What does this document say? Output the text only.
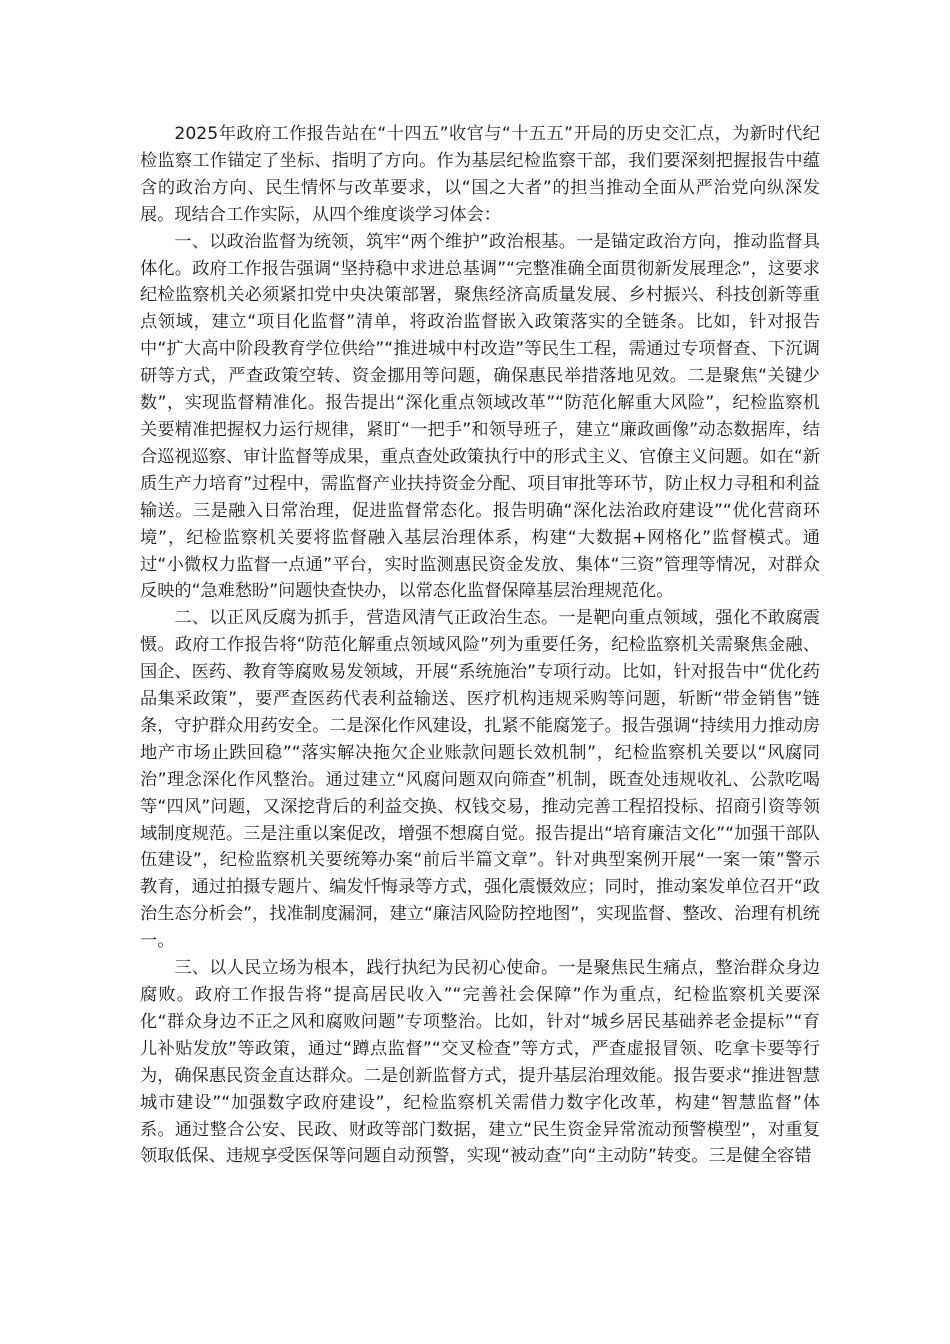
2025年政府工作报告站在“十四五”收官与“十五五”开局的历史交汇点，为新时代纪检监察工作锚定了坐标、指明了方向。作为基层纪检监察干部，我们要深刻把握报告中蕴含的政治方向、民生情怀与改革要求，以“国之大者”的担当推动全面从严治党向纵深发展。现结合工作实际，从四个维度谈学习体会：

一、以政治监督为统领，筑牢“两个维护”政治根基。一是锚定政治方向，推动监督具体化。政府工作报告强调“坚持稳中求进总基调”“完整准确全面贯彻新发展理念”，这要求纪检监察机关必须紧扣党中央决策部署，聚焦经济高质量发展、乡村振兴、科技创新等重点领域，建立“项目化监督”清单，将政治监督嵌入政策落实的全链条。比如，针对报告中“扩大高中阶段教育学位供给”“推进城中村改造”等民生工程，需通过专项督查、下沉调研等方式，严查政策空转、资金挪用等问题，确保惠民举措落地见效。二是聚焦“关键少数”，实现监督精准化。报告提出“深化重点领域改革”“防范化解重大风险”，纪检监察机关要精准把握权力运行规律，紧盯“一把手”和领导班子，建立“廉政画像”动态数据库，结合巡视巡察、审计监督等成果，重点查处政策执行中的形式主义、官僚主义问题。如在“新质生产力培育”过程中，需监督产业扶持资金分配、项目审批等环节，防止权力寻租和利益输送。三是融入日常治理，促进监督常态化。报告明确“深化法治政府建设”“优化营商环境”，纪检监察机关要将监督融入基层治理体系，构建“大数据+网格化”监督模式。通过“小微权力监督一点通”平台，实时监测惠民资金发放、集体“三资”管理等情况，对群众反映的“急难愁盼”问题快查快办，以常态化监督保障基层治理规范化。

二、以正风反腐为抓手，营造风清气正政治生态。一是靶向重点领域，强化不敢腐震慑。政府工作报告将“防范化解重点领域风险”列为重要任务，纪检监察机关需聚焦金融、国企、医药、教育等腐败易发领域，开展“系统施治”专项行动。比如，针对报告中“优化药品集采政策”，要严查医药代表利益输送、医疗机构违规采购等问题，斩断“带金销售”链条，守护群众用药安全。二是深化作风建设，扎紧不能腐笼子。报告强调“持续用力推动房地产市场止跌回稳”“落实解决拖欠企业账款问题长效机制”，纪检监察机关要以“风腐同治”理念深化作风整治。通过建立“风腐问题双向筛查”机制，既查处违规收礼、公款吃喝等“四风”问题，又深挖背后的利益交换、权钱交易，推动完善工程招投标、招商引资等领域制度规范。三是注重以案促改，增强不想腐自觉。报告提出“培育廉洁文化”“加强干部队伍建设”，纪检监察机关要统筹办案“前后半篇文章”。针对典型案例开展“一案一策”警示教育，通过拍摄专题片、编发忏悔录等方式，强化震慑效应；同时，推动案发单位召开“政治生态分析会”，找准制度漏洞，建立“廉洁风险防控地图”，实现监督、整改、治理有机统一。

三、以人民立场为根本，践行执纪为民初心使命。一是聚焦民生痛点，整治群众身边腐败。政府工作报告将“提高居民收入”“完善社会保障”作为重点，纪检监察机关要深化“群众身边不正之风和腐败问题”专项整治。比如，针对“城乡居民基础养老金提标”“育儿补贴发放”等政策，通过“蹲点监督”“交叉检查”等方式，严查虚报冒领、吃拿卡要等行为，确保惠民资金直达群众。二是创新监督方式，提升基层治理效能。报告要求“推进智慧城市建设”“加强数字政府建设”，纪检监察机关需借力数字化改革，构建“智慧监督”体系。通过整合公安、民政、财政等部门数据，建立“民生资金异常流动预警模型”，对重复领取低保、违规享受医保等问题自动预警，实现“被动查”向“主动防”转变。三是健全容错
